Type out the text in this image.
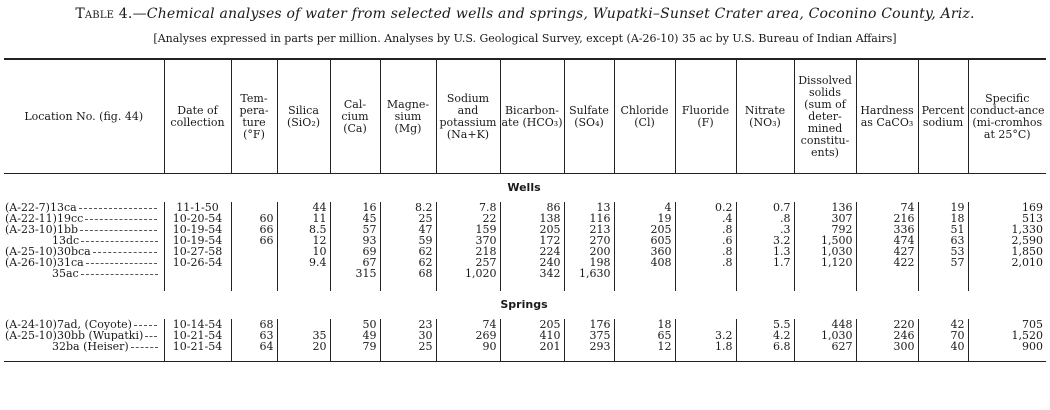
Table 4.—Chemical analyses of water from selected wells and springs, Wupatki–Sunset Crater area, Coconino County, Ariz.
[Analyses expressed in parts per million. Analyses by U.S. Geological Survey, except (A-26-10) 35 ac by U.S. Bureau of Indian Affairs]
Location No. (fig. 44)	Date of collection	Tem-pera-ture (°F)	Silica (SiO₂)	Cal-cium (Ca)	Magne-sium (Mg)	Sodium and potassium (Na+K)	Bicarbon-ate (HCO₃)	Sulfate (SO₄)	Chloride (Cl)	Fluoride (F)	Nitrate (NO₃)	Dissolved solids (sum of deter-mined constitu-ents)	Hardness as CaCO₃	Percent sodium	Specific conduct-ance (mi-cromhos at 25°C)
Wells															
(A-22-7)13ca	11-1-50		44	16	8.2	7.8	86	13	4	0.2	0.7	136	74	19	169
(A-22-11)19cc	10-20-54	60	11	45	25	22	138	116	19	.4	.8	307	216	18	513
(A-23-10)1bb	10-19-54	66	8.5	57	47	159	205	213	205	.8	.3	792	336	51	1,330
13dc	10-19-54	66	12	93	59	370	172	270	605	.6	3.2	1,500	474	63	2,590
(A-25-10)30bca	10-27-58		10	69	62	218	224	200	360	.8	1.3	1,030	427	53	1,850
(A-26-10)31ca	10-26-54		9.4	67	62	257	240	198	408	.8	1.7	1,120	422	57	2,010
35ac				315	68	1,020	342	1,630							

Springs															
(A-24-10)7ad, (Coyote)	10-14-54	68		50	23	74	205	176	18		5.5	448	220	42	705
(A-25-10)30bb (Wupatki)	10-21-54	63	35	49	30	269	410	375	65	3.2	4.2	1,030	246	70	1,520
32ba (Heiser)	10-21-54	64	20	79	25	90	201	293	12	1.8	6.8	627	300	40	900
